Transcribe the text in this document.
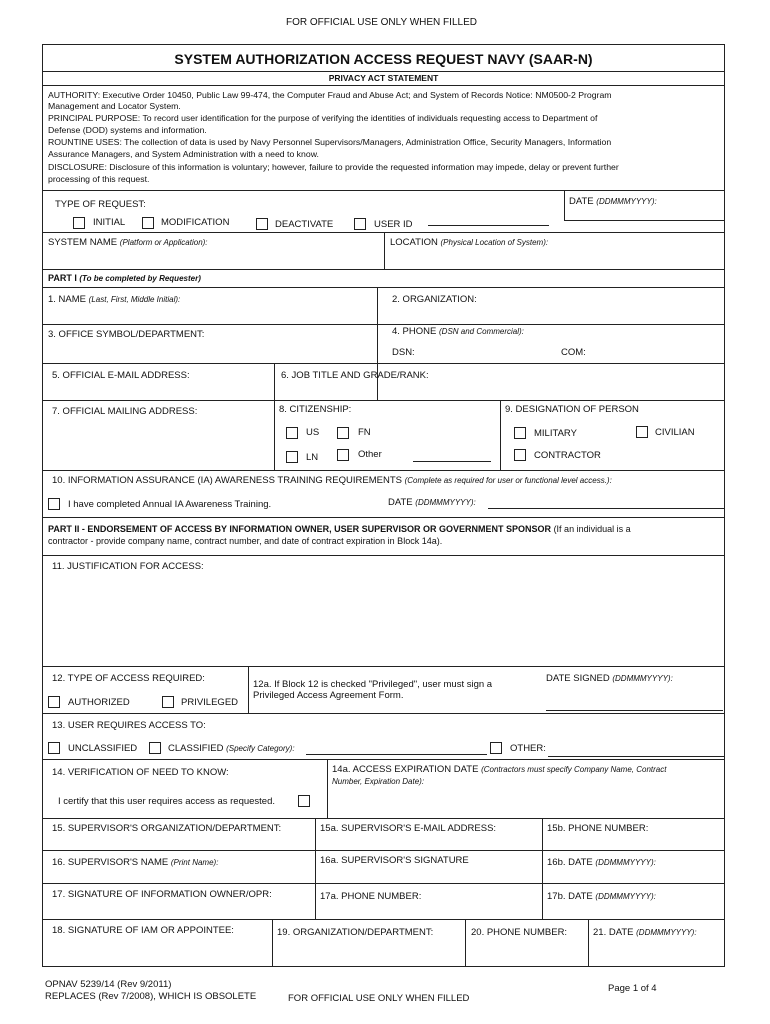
FOR OFFICIAL USE ONLY WHEN FILLED
SYSTEM AUTHORIZATION ACCESS REQUEST NAVY (SAAR-N)
PRIVACY ACT STATEMENT
AUTHORITY: Executive Order 10450, Public Law 99-474, the Computer Fraud and Abuse Act; and System of Records Notice: NM0500-2 Program
Management and Locator System.
PRINCIPAL PURPOSE: To record user identification for the purpose of verifying the identities of individuals requesting access to Department of
Defense (DOD) systems and information.
ROUNTINE USES: The collection of data is used by Navy Personnel Supervisors/Managers, Administration Office, Security Managers, Information
Assurance Managers, and System Administration with a need to know.
DISCLOSURE: Disclosure of this information is voluntary; however, failure to provide the requested information may impede, delay or prevent further
processing of this request.
TYPE OF REQUEST:	DATE (DDMMMYYYY):
INITIAL	MODIFICATION	DEACTIVATE	USER ID
SYSTEM NAME (Platform or Application):	LOCATION (Physical Location of System):
PART I (To be completed by Requester)
1. NAME (Last, First, Middle Initial):	2. ORGANIZATION:
3. OFFICE SYMBOL/DEPARTMENT:	4. PHONE (DSN and Commercial):
DSN:	COM:
5. OFFICIAL E-MAIL ADDRESS:	6. JOB TITLE AND GRADE/RANK:
7. OFFICIAL MAILING ADDRESS:	8. CITIZENSHIP:	9. DESIGNATION OF PERSON
US	FN
LN	Other
MILITARY	CIVILIAN
CONTRACTOR
10. INFORMATION ASSURANCE (IA) AWARENESS TRAINING REQUIREMENTS (Complete as required for user or functional level access.):
I have completed Annual IA Awareness Training.	DATE (DDMMMYYYY):
PART II - ENDORSEMENT OF ACCESS BY INFORMATION OWNER, USER SUPERVISOR OR GOVERNMENT SPONSOR (If an individual is a
contractor - provide company name, contract number, and date of contract expiration in Block 14a).
11. JUSTIFICATION FOR ACCESS:
12. TYPE OF ACCESS REQUIRED:
12a. If Block 12 is checked "Privileged", user must sign a
Privileged Access Agreement Form.
DATE SIGNED (DDMMMYYYY):
AUTHORIZED	PRIVILEGED
13. USER REQUIRES ACCESS TO:
UNCLASSIFIED	CLASSIFIED (Specify Category):	OTHER:
14. VERIFICATION OF NEED TO KNOW:	14a. ACCESS EXPIRATION DATE (Contractors must specify Company Name, Contract
Number, Expiration Date):
I certify that this user requires access as requested.
15. SUPERVISOR'S ORGANIZATION/DEPARTMENT:	15a. SUPERVISOR'S E-MAIL ADDRESS:	15b. PHONE NUMBER:
16. SUPERVISOR'S NAME (Print Name):	16a. SUPERVISOR'S SIGNATURE	16b. DATE (DDMMMYYYY):
17. SIGNATURE OF INFORMATION OWNER/OPR:	17a. PHONE NUMBER:	17b. DATE (DDMMMYYYY):
18. SIGNATURE OF IAM OR APPOINTEE:	19. ORGANIZATION/DEPARTMENT:	20. PHONE NUMBER:	21. DATE (DDMMMYYYY):
OPNAV 5239/14 (Rev 9/2011)
REPLACES (Rev 7/2008), WHICH IS OBSOLETE	FOR OFFICIAL USE ONLY WHEN FILLED
Page 1 of 4
